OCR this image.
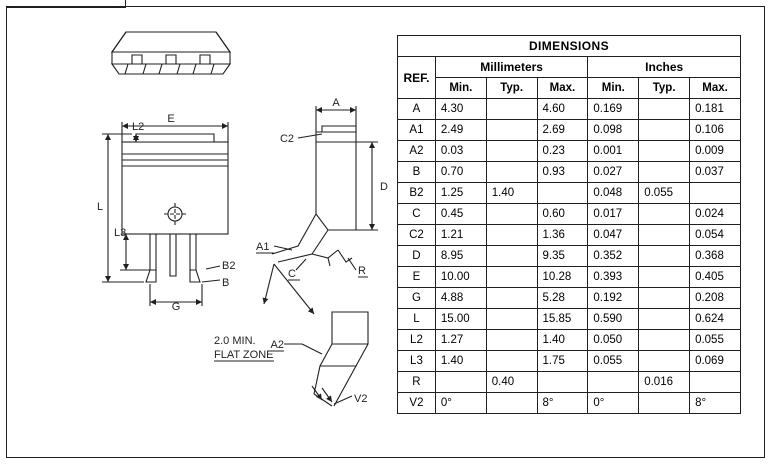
E
L
L2
L3
B
B2
G
A
C2
D
A1
C	R
A2
V2
2.0 MIN.
FLAT ZONE
DIMENSIONS						
REF.	Millimeters			Inches		
	Min.	Typ.	Max.	Min.	Typ.	Max.
A	4.30		4.60	0.169		0.181
A1	2.49		2.69	0.098		0.106
A2	0.03		0.23	0.001		0.009
B	0.70		0.93	0.027		0.037
B2	1.25	1.40		0.048	0.055	
C	0.45		0.60	0.017		0.024
C2	1.21		1.36	0.047		0.054
D	8.95		9.35	0.352		0.368
E	10.00		10.28	0.393		0.405
G	4.88		5.28	0.192		0.208
L	15.00		15.85	0.590		0.624
L2	1.27		1.40	0.050		0.055
L3	1.40		1.75	0.055		0.069
R		0.40			0.016	
V2	0°		8°	0°		8°
